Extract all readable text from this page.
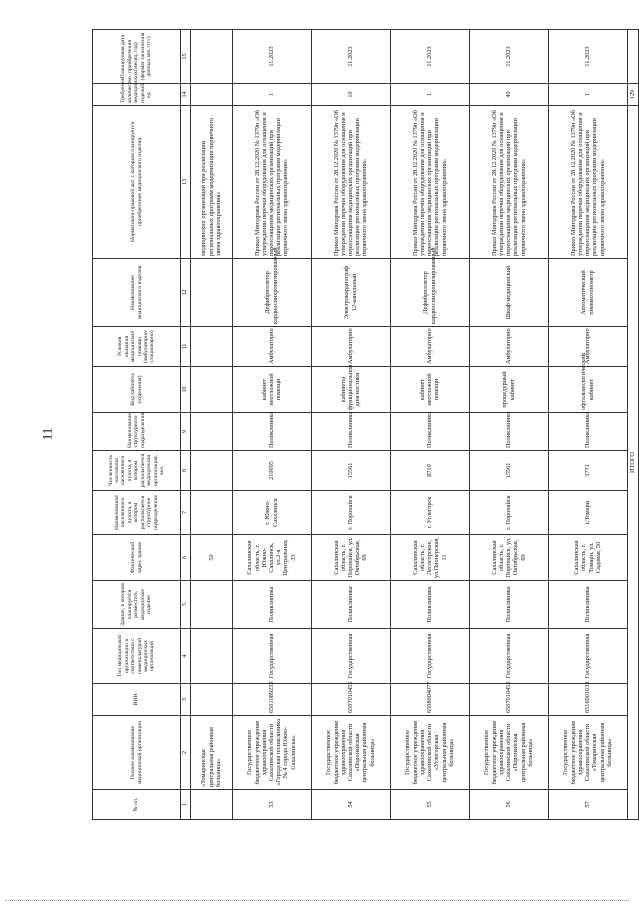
11
№ пп.	Полное наименование медицинской организации	ИНН	Тип медицинской организации в соответствии с номенклатурой медицинских организаций	Здание, в котором планируется разместить медицинское изделие	Фактический адрес здания	Наименование населенного пункта, в котором располагается структурное подразделение	Численность населения населенного пункта, в котором располагается медицинская организация, чел.	Наименование структурного подразделения	Вид кабинета (отделения)	Условия оказания медицинской помощи (амбулаторно/стационарно)	Наименование медицинского изделия	Нормативно-правовой акт, с которым планируется приобретение медицинского изделия	Требуемое количество медицинских изделий, ед.	Планируемая дата приобретения (месяц, год) (формат заполнения данных мм. гггг)
1	2	3	4	5	6	7	8	9	10	11	12	13	14	15
	«Томаринская центральная районная больница»				50							медицинских организаций при реализации региональных программ модернизации первичного звена здравоохранения»		
53	Государственное бюджетное учреждение здравоохранения Сахалинской области «Городская поликлиника № 4 города Южно-Сахалинска»	6501089233	Государственная	Поликлиника	Сахалинская область, г. Южно-Сахалинск, ул.2-я Центральная, 33	г. Южно-Сахалинск	210695	Поликлиника	кабинет неотложной помощи	Амбулаторно	Дефибриллятор кардиосинхронизированный	Приказ Минздрава России от 28.12.2020 № 1379н «Об утверждении перечня оборудования для оснащения и переоснащения медицинских организаций при реализации региональных программ модернизации первичного звена здравоохранения»	1	11.2023
54	Государственное бюджетное учреждение здравоохранения Сахалинской области «Поронайская центральная районная больница»	6507010455	Государственная	Поликлиника	Сахалинская область, г. Поронайск, ул. Октябрьская, 69	г. Поронайск	15561	Поликлиника	кабинеты функциональной диагностики	Амбулаторно	Электрокардиограф 12-канальный	Приказ Минздрава России от 28.12.2020 № 1379н «Об утверждении перечня оборудования для оснащения и переоснащения медицинских организаций при реализации региональных программ модернизации первичного звена здравоохранения»	10	11.2023
55	Государственное бюджетное учреждение здравоохранения Сахалинской области «Углегорская центральная районная больница»	6508004077	Государственная	Поликлиника	Сахалинская область, г. Лесогорское, ул.Пионерская, 11	г. Углегорск	8710	Поликлиника	кабинет неотложной помощи	Амбулаторно	Дефибриллятор кардиосинхронизированный	Приказ Минздрава России от 28.12.2020 № 1379н «Об утверждении перечня оборудования для оснащения и переоснащения медицинских организаций при реализации региональных программ модернизации первичного звена здравоохранения»	1	11.2023
56	Государственное бюджетное учреждение здравоохранения Сахалинской области «Поронайская центральная районная больница»	6507010455	Государственная	Поликлиника	Сахалинская область, г. Поронайск, ул. Октябрьская, 69	г. Поронайск	15561	Поликлиника	процедурный кабинет	Амбулаторно	Шкаф медицинский	Приказ Минздрава России от 28.12.2020 № 1379н «Об утверждении перечня оборудования для оснащения и переоснащения медицинских организаций при реализации региональных программ модернизации первичного звена здравоохранения»	40	11.2023
57	Государственное бюджетное учреждение здравоохранения Сахалинской области «Томаринская центральная районная больница»	6516001633	Государственная	Поликлиника	Сахалинская область, г. Томари, ул. Садовая, 50	г.Томари	3771	Поликлиника	офтальмологический кабинет	Амбулаторно	Автоматический пневмотонометр	Приказ Минздрава России от 28.12.2020 № 1379н «Об утверждении перечня оборудования для оснащения и переоснащения медицинских организаций при реализации региональных программ модернизации первичного звена здравоохранения»	1	11.2023
ИТОГО													129	
